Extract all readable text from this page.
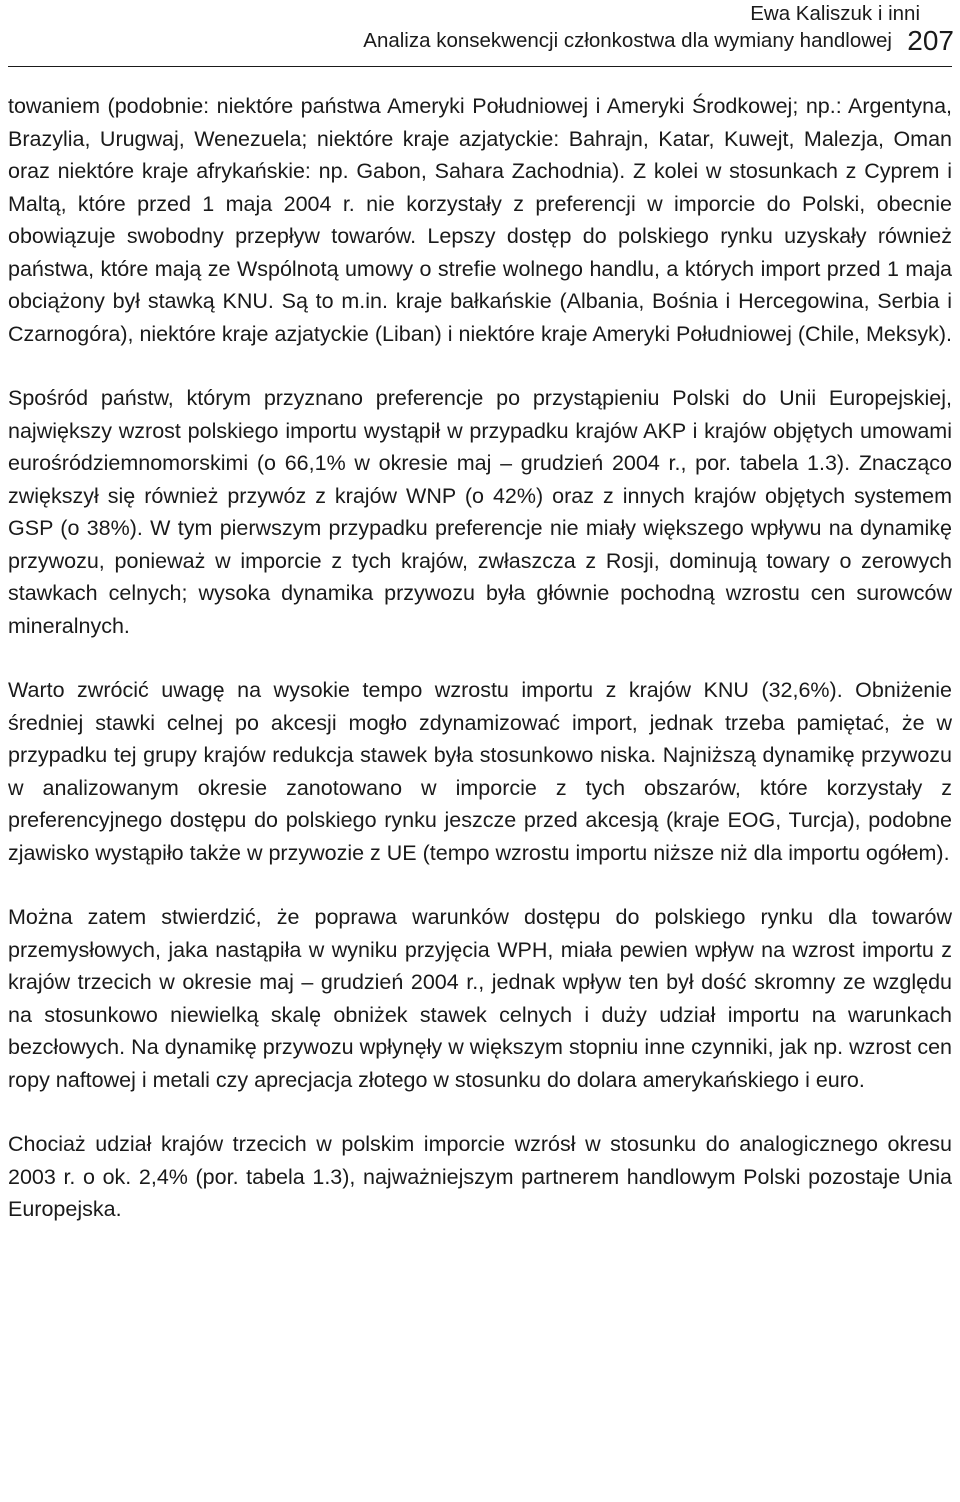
Ewa Kaliszuk i inni
Analiza konsekwencji członkostwa dla wymiany handlowej 207

towaniem (podobnie: niektóre państwa Ameryki Południowej i Ameryki Środkowej; np.: Argentyna, Brazylia, Urugwaj, Wenezuela; niektóre kraje azjatyckie: Bahrajn, Katar, Kuwejt, Malezja, Oman oraz niektóre kraje afrykańskie: np. Gabon, Sahara Zachodnia). Z kolei w stosunkach z Cyprem i Maltą, które przed 1 maja 2004 r. nie korzystały z preferencji w imporcie do Polski, obecnie obowiązuje swobodny przepływ towarów. Lepszy dostęp do polskiego rynku uzyskały również państwa, które mają ze Wspólnotą umowy o strefie wolnego handlu, a których import przed 1 maja obciążony był stawką KNU. Są to m.in. kraje bałkańskie (Albania, Bośnia i Hercegowina, Serbia i Czarnogóra), niektóre kraje azjatyckie (Liban) i niektóre kraje Ameryki Południowej (Chile, Meksyk).

Spośród państw, którym przyznano preferencje po przystąpieniu Polski do Unii Europejskiej, największy wzrost polskiego importu wystąpił w przypadku krajów AKP i krajów objętych umowami eurośródziemnomorskimi (o 66,1% w okresie maj – grudzień 2004 r., por. tabela 1.3). Znacząco zwiększył się również przywóz z krajów WNP (o 42%) oraz z innych krajów objętych systemem GSP (o 38%). W tym pierwszym przypadku preferencje nie miały większego wpływu na dynamikę przywozu, ponieważ w imporcie z tych krajów, zwłaszcza z Rosji, dominują towary o zerowych stawkach celnych; wysoka dynamika przywozu była głównie pochodną wzrostu cen surowców mineralnych.

Warto zwrócić uwagę na wysokie tempo wzrostu importu z krajów KNU (32,6%). Obniżenie średniej stawki celnej po akcesji mogło zdynamizować import, jednak trzeba pamiętać, że w przypadku tej grupy krajów redukcja stawek była stosunkowo niska. Najniższą dynamikę przywozu w analizowanym okresie zanotowano w imporcie z tych obszarów, które korzystały z preferencyjnego dostępu do polskiego rynku jeszcze przed akcesją (kraje EOG, Turcja), podobne zjawisko wystąpiło także w przywozie z UE (tempo wzrostu importu niższe niż dla importu ogółem).

Można zatem stwierdzić, że poprawa warunków dostępu do polskiego rynku dla towarów przemysłowych, jaka nastąpiła w wyniku przyjęcia WPH, miała pewien wpływ na wzrost importu z krajów trzecich w okresie maj – grudzień 2004 r., jednak wpływ ten był dość skromny ze względu na stosunkowo niewielką skalę obniżek stawek celnych i duży udział importu na warunkach bezcłowych. Na dynamikę przywozu wpłynęły w większym stopniu inne czynniki, jak np. wzrost cen ropy naftowej i metali czy aprecjacja złotego w stosunku do dolara amerykańskiego i euro.

Chociaż udział krajów trzecich w polskim imporcie wzrósł w stosunku do analogicznego okresu 2003 r. o ok. 2,4% (por. tabela 1.3), najważniejszym partnerem handlowym Polski pozostaje Unia Europejska.
